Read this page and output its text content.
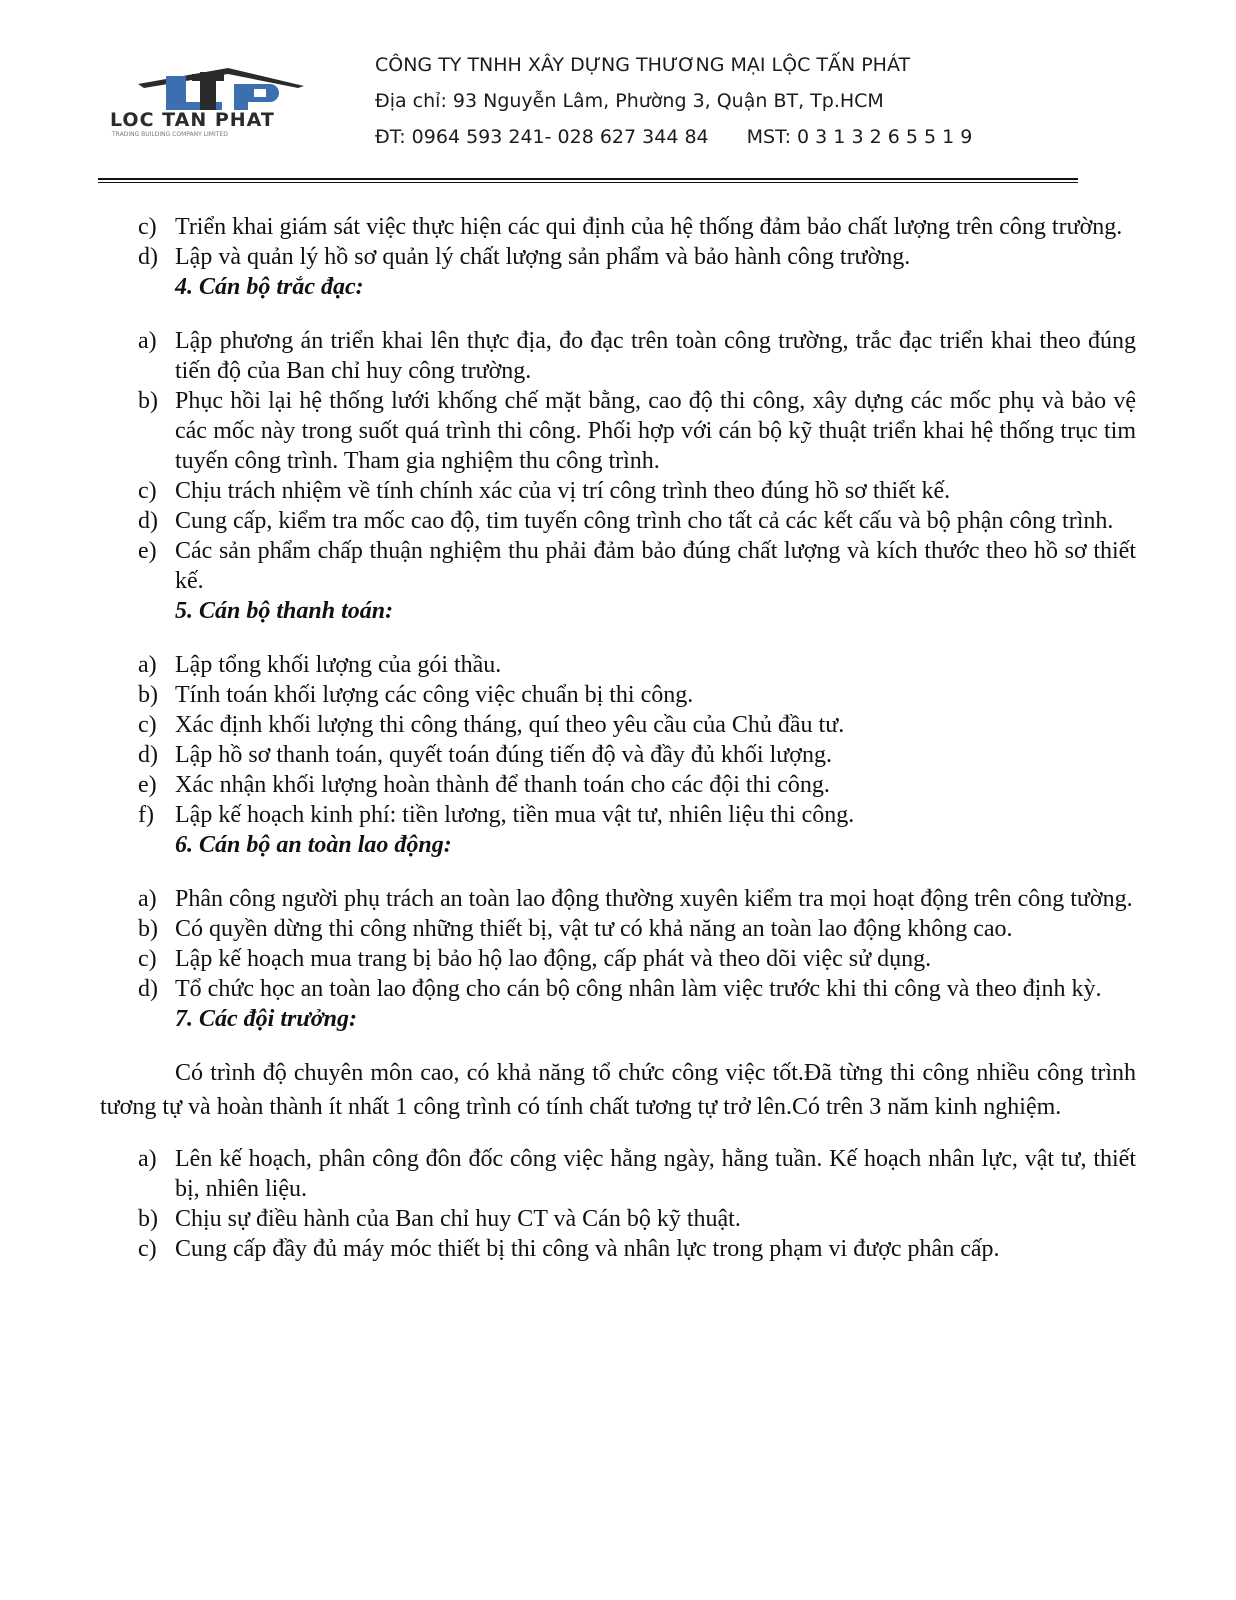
LOC TAN PHAT
TRADING BUILDING COMPANY LIMITED
CÔNG TY TNHH XÂY DỰNG THƯƠNG MẠI LỘC TẤN PHÁT
Địa chỉ: 93 Nguyễn Lâm, Phường 3, Quận BT, Tp.HCM
ĐT: 0964 593 241- 028 627 344 84 MST: 0 3 1 3 2 6 5 5 1 9
c) Triển khai giám sát việc thực hiện các qui định của hệ thống đảm bảo chất lượng trên công trường.
d) Lập và quản lý hồ sơ quản lý chất lượng sản phẩm và bảo hành công trường.
4. Cán bộ trắc đạc:
a) Lập phương án triển khai lên thực địa, đo đạc trên toàn công trường, trắc đạc triển khai theo đúng tiến độ của Ban chỉ huy công trường.
b) Phục hồi lại hệ thống lưới khống chế mặt bằng, cao độ thi công, xây dựng các mốc phụ và bảo vệ các mốc này trong suốt quá trình thi công. Phối hợp với cán bộ kỹ thuật triển khai hệ thống trục tim tuyến công trình. Tham gia nghiệm thu công trình.
c) Chịu trách nhiệm về tính chính xác của vị trí công trình theo đúng hồ sơ thiết kế.
d) Cung cấp, kiểm tra mốc cao độ, tim tuyến công trình cho tất cả các kết cấu và bộ phận công trình.
e) Các sản phẩm chấp thuận nghiệm thu phải đảm bảo đúng chất lượng và kích thước theo hồ sơ thiết kế.
5. Cán bộ thanh toán:
a) Lập tổng khối lượng của gói thầu.
b) Tính toán khối lượng các công việc chuẩn bị thi công.
c) Xác định khối lượng thi công tháng, quí theo yêu cầu của Chủ đầu tư.
d) Lập hồ sơ thanh toán, quyết toán đúng tiến độ và đầy đủ khối lượng.
e) Xác nhận khối lượng hoàn thành để thanh toán cho các đội thi công.
f) Lập kế hoạch kinh phí: tiền lương, tiền mua vật tư, nhiên liệu thi công.
6. Cán bộ an toàn lao động:
a) Phân công người phụ trách an toàn lao động thường xuyên kiểm tra mọi hoạt động trên công tường.
b) Có quyền dừng thi công những thiết bị, vật tư có khả năng an toàn lao động không cao.
c) Lập kế hoạch mua trang bị bảo hộ lao động, cấp phát và theo dõi việc sử dụng.
d) Tổ chức học an toàn lao động cho cán bộ công nhân làm việc trước khi thi công và theo định kỳ.
7. Các đội trưởng:
Có trình độ chuyên môn cao, có khả năng tổ chức công việc tốt.Đã từng thi công nhiều công trình tương tự và hoàn thành ít nhất 1 công trình có tính chất tương tự trở lên.Có trên 3 năm kinh nghiệm.
a) Lên kế hoạch, phân công đôn đốc công việc hằng ngày, hằng tuần. Kế hoạch nhân lực, vật tư, thiết bị, nhiên liệu.
b) Chịu sự điều hành của Ban chỉ huy CT và Cán bộ kỹ thuật.
c) Cung cấp đầy đủ máy móc thiết bị thi công và nhân lực trong phạm vi được phân cấp.
